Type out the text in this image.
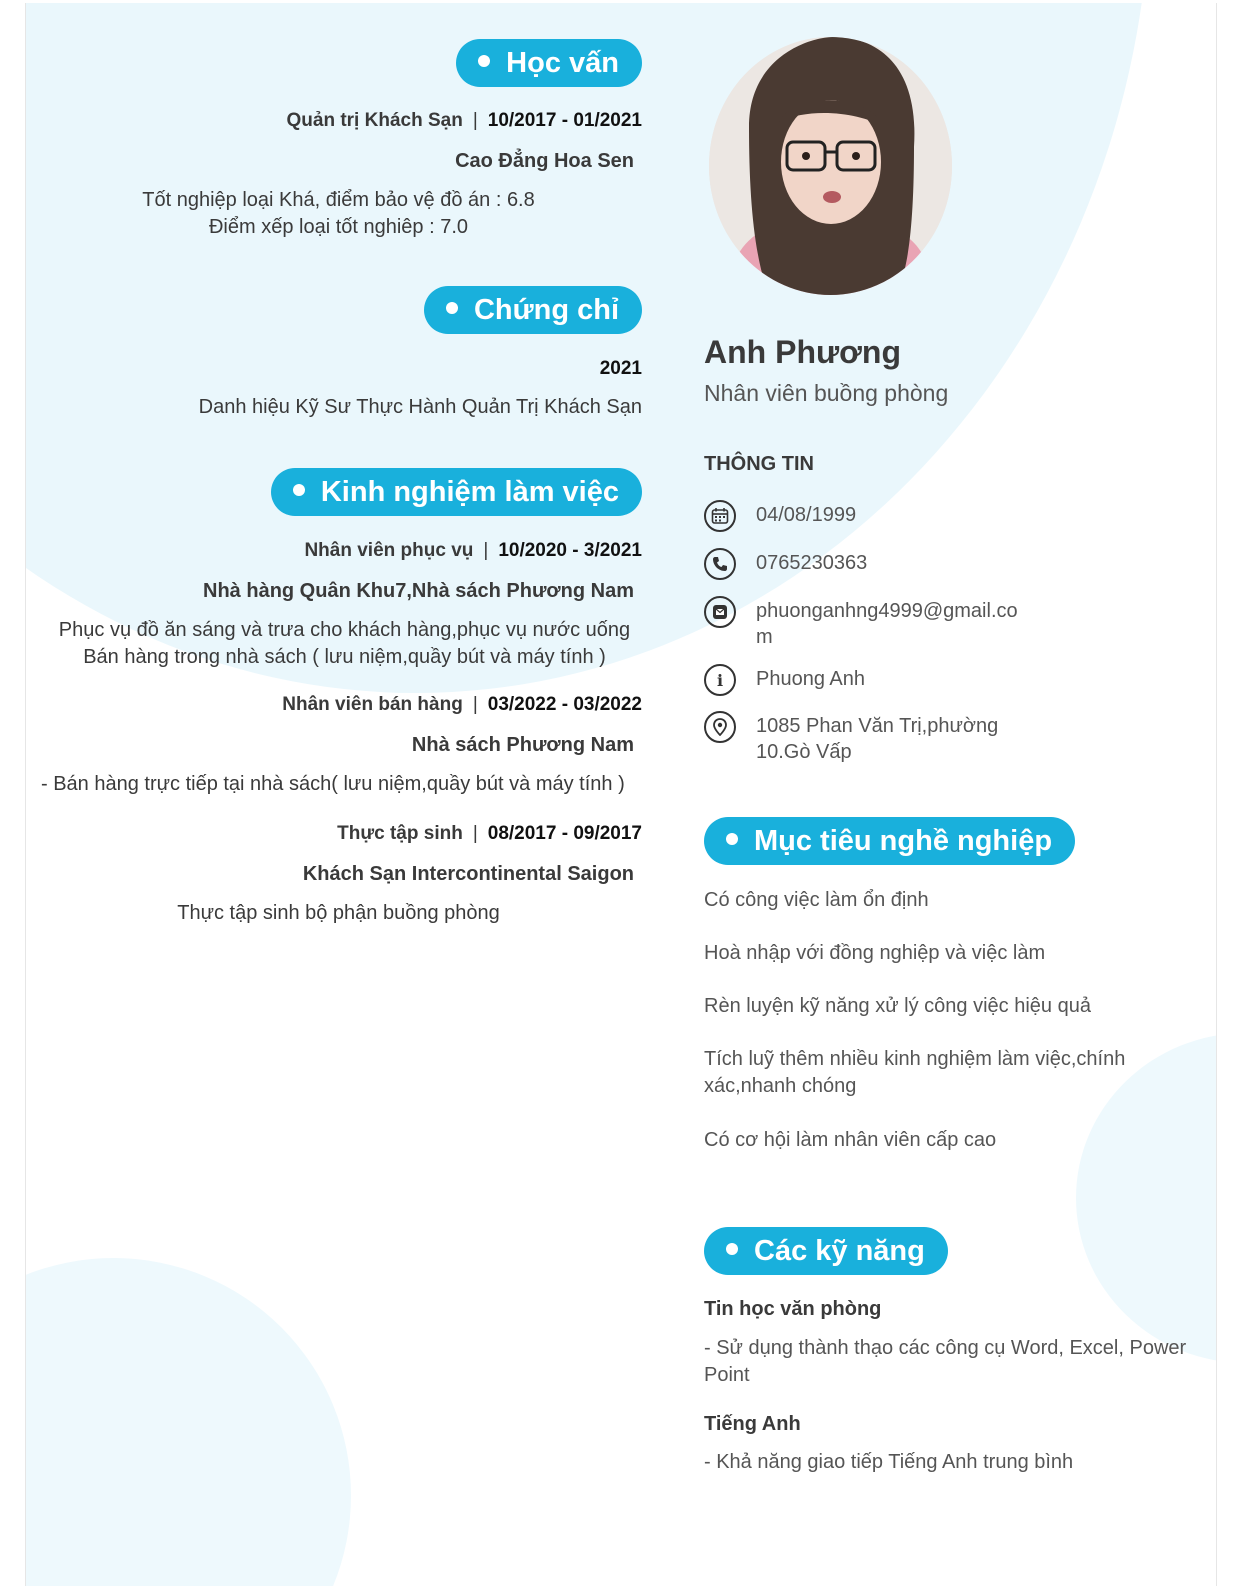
Học vấn
Quản trị Khách Sạn | 10/2017 - 01/2021
Cao Đẳng Hoa Sen
Tốt nghiệp loại Khá, điểm bảo vệ đồ án : 6.8
Điểm xếp loại tốt nghiêp : 7.0
Chứng chỉ
2021
Danh hiệu Kỹ Sư Thực Hành Quản Trị Khách Sạn
Kinh nghiệm làm việc
Nhân viên phục vụ | 10/2020 - 3/2021
Nhà hàng Quân Khu7,Nhà sách Phương Nam
Phục vụ đồ ăn sáng và trưa cho khách hàng,phục vụ nước uống
Bán hàng trong nhà sách ( lưu niệm,quầy bút và máy tính )
Nhân viên bán hàng | 03/2022 - 03/2022
Nhà sách Phương Nam
- Bán hàng trực tiếp tại nhà sách( lưu niệm,quầy bút và máy tính )
Thực tập sinh | 08/2017 - 09/2017
Khách Sạn Intercontinental Saigon
Thực tập sinh bộ phận buồng phòng
Anh Phương
Nhân viên buồng phòng
THÔNG TIN
04/08/1999
0765230363
phuonganhng4999@gmail.co
m
i Phuong Anh
1085 Phan Văn Trị,phường
10.Gò Vấp
Mục tiêu nghề nghiệp
Có công việc làm ổn định
Hoà nhập với đồng nghiệp và việc làm
Rèn luyện kỹ năng xử lý công việc hiệu quả
Tích luỹ thêm nhiều kinh nghiệm làm việc,chính
xác,nhanh chóng
Có cơ hội làm nhân viên cấp cao
Các kỹ năng
Tin học văn phòng
- Sử dụng thành thạo các công cụ Word, Excel, Power
Point
Tiếng Anh
- Khả năng giao tiếp Tiếng Anh trung bình
